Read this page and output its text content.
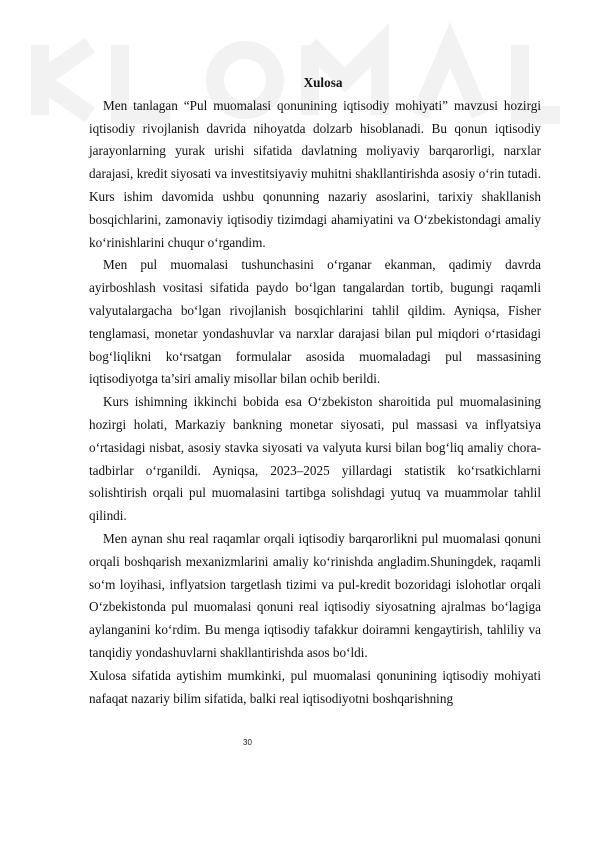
Xulosa

Men tanlagan “Pul muomalasi qonunining iqtisodiy mohiyati” mavzusi hozirgi iqtisodiy rivojlanish davrida nihoyatda dolzarb hisoblanadi. Bu qonun iqtisodiy jarayonlarning yurak urishi sifatida davlatning moliyaviy barqarorligi, narxlar darajasi, kredit siyosati va investitsiyaviy muhitni shakllantirishda asosiy o‘rin tutadi. Kurs ishim davomida ushbu qonunning nazariy asoslarini, tarixiy shakllanish bosqichlarini, zamonaviy iqtisodiy tizimdagi ahamiyatini va O‘zbekistondagi amaliy ko‘rinishlarini chuqur o‘rgandim.

Men pul muomalasi tushunchasini o‘rganar ekanman, qadimiy davrda ayirboshlash vositasi sifatida paydo bo‘lgan tangalardan tortib, bugungi raqamli valyutalargacha bo‘lgan rivojlanish bosqichlarini tahlil qildim. Ayniqsa, Fisher tenglamasi, monetar yondashuvlar va narxlar darajasi bilan pul miqdori o‘rtasidagi bog‘liqlikni ko‘rsatgan formulalar asosida muomaladagi pul massasining iqtisodiyotga ta’siri amaliy misollar bilan ochib berildi.

Kurs ishimning ikkinchi bobida esa O‘zbekiston sharoitida pul muomalasining hozirgi holati, Markaziy bankning monetar siyosati, pul massasi va inflyatsiya o‘rtasidagi nisbat, asosiy stavka siyosati va valyuta kursi bilan bog‘liq amaliy chora-tadbirlar o‘rganildi. Ayniqsa, 2023–2025 yillardagi statistik ko‘rsatkichlarni solishtirish orqali pul muomalasini tartibga solishdagi yutuq va muammolar tahlil qilindi.

Men aynan shu real raqamlar orqali iqtisodiy barqarorlikni pul muomalasi qonuni orqali boshqarish mexanizmlarini amaliy ko‘rinishda angladim.Shuningdek, raqamli so‘m loyihasi, inflyatsion targetlash tizimi va pul-kredit bozoridagi islohotlar orqali O‘zbekistonda pul muomalasi qonuni real iqtisodiy siyosatning ajralmas bo‘lagiga aylanganini ko‘rdim. Bu menga iqtisodiy tafakkur doiramni kengaytirish, tahliliy va tanqidiy yondashuvlarni shakllantirishda asos bo‘ldi.

Xulosa sifatida aytishim mumkinki, pul muomalasi qonunining iqtisodiy mohiyati nafaqat nazariy bilim sifatida, balki real iqtisodiyotni boshqarishning

30
